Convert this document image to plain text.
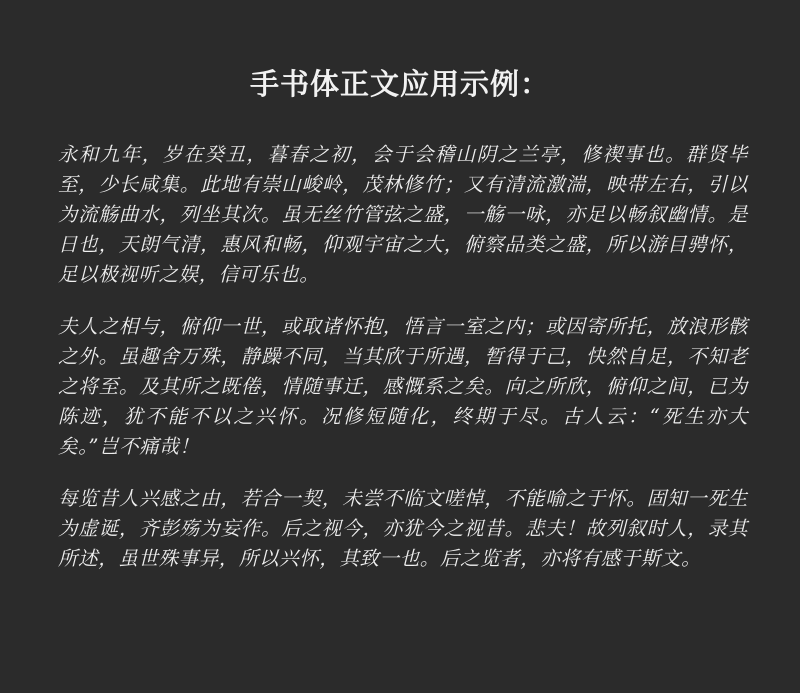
手书体正文应用示例：

永和九年，岁在癸丑，暮春之初，会于会稽山阴之兰亭，修禊事也。群贤毕至，少长咸集。此地有崇山峻岭，茂林修竹；又有清流激湍，映带左右，引以为流觞曲水，列坐其次。虽无丝竹管弦之盛，一觞一咏，亦足以畅叙幽情。是日也，天朗气清，惠风和畅，仰观宇宙之大，俯察品类之盛，所以游目骋怀，足以极视听之娱，信可乐也。

夫人之相与，俯仰一世，或取诸怀抱，悟言一室之内；或因寄所托，放浪形骸之外。虽趣舍万殊，静躁不同，当其欣于所遇，暂得于己，快然自足，不知老之将至。及其所之既倦，情随事迁，感慨系之矣。向之所欣，俯仰之间，已为陈迹，犹不能不以之兴怀。况修短随化，终期于尽。古人云：“死生亦大矣。”岂不痛哉！

每览昔人兴感之由，若合一契，未尝不临文嗟悼，不能喻之于怀。固知一死生为虚诞，齐彭殇为妄作。后之视今，亦犹今之视昔。悲夫！故列叙时人，录其所述，虽世殊事异，所以兴怀，其致一也。后之览者，亦将有感于斯文。
